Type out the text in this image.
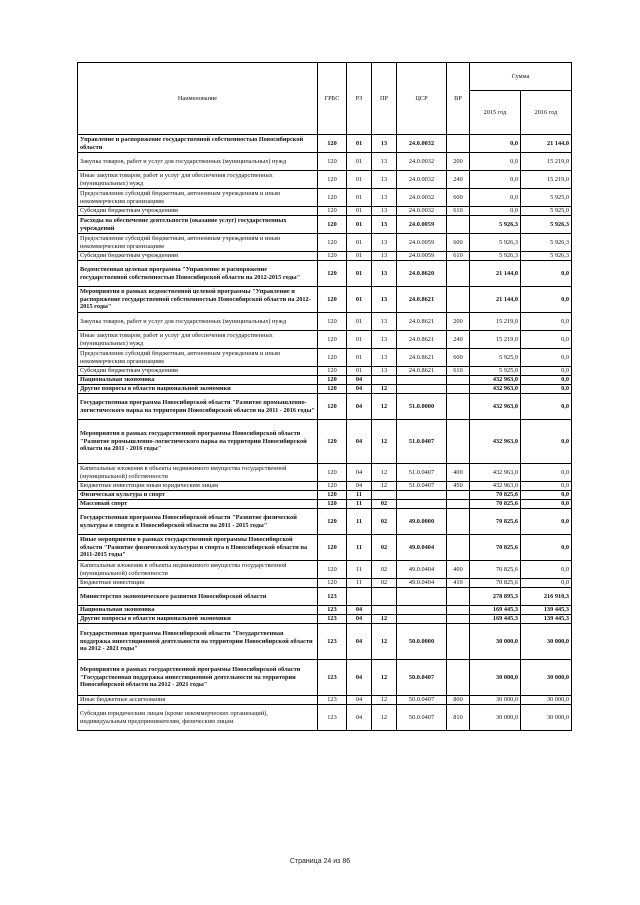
Наименование	ГРБС	РЗ	ПР	ЦСР	ВР	Сумма	
						2015 год	2016 год
Управление и распоряжение государственной собственностью Новосибирской области	120	01	13	24.0.0032		0,0	21 144,0
Закупка товаров, работ и услуг для государственных (муниципальных) нужд	120	01	13	24.0.0032	200	0,0	15 219,0
Иные закупки товаров, работ и услуг для обеспечения государственных (муниципальных) нужд	120	01	13	24.0.0032	240	0,0	15 219,0
Предоставление субсидий бюджетным, автономным учреждениям и иным некоммерческим организациям	120	01	13	24.0.0032	600	0,0	5 925,0
Субсидии бюджетным учреждениям	120	01	13	24.0.0032	610	0,0	5 925,0
Расходы на обеспечение деятельности (оказание услуг) государственных учреждений	120	01	13	24.0.0059		5 926,3	5 926,3
Предоставление субсидий бюджетным, автономным учреждениям и иным некоммерческим организациям	120	01	13	24.0.0059	600	5 926,3	5 926,3
Субсидии бюджетным учреждениям	120	01	13	24.0.0059	610	5 926,3	5 926,3
Ведомственная целевая программа "Управление и распоряжение государственной собственностью Новосибирской области на 2012-2015 годы"	120	01	13	24.0.8620		21 144,0	0,0
Мероприятия в рамках ведомственной целевой программы "Управление и распоряжение государственной собственностью Новосибирской области на 2012-2015 годы"	120	01	13	24.0.8621		21 144,0	0,0
Закупка товаров, работ и услуг для государственных (муниципальных) нужд	120	01	13	24.0.8621	200	15 219,0	0,0
Иные закупки товаров, работ и услуг для обеспечения государственных (муниципальных) нужд	120	01	13	24.0.8621	240	15 219,0	0,0
Предоставление субсидий бюджетным, автономным учреждениям и иным некоммерческим организациям	120	01	13	24.0.8621	600	5 925,0	0,0
Субсидии бюджетным учреждениям	120	01	13	24.0.8621	610	5 925,0	0,0
Национальная экономика	120	04				432 963,0	0,0
Другие вопросы в области национальной экономики	120	04	12			432 963,0	0,0
Государственная программа Новосибирской области "Развитие промышленно-логистического парка на территории Новосибирской области на 2011 - 2016 годы"	120	04	12	51.0.0000		432 963,0	0,0
Мероприятия в рамках государственной программы Новосибирской области "Развитие промышленно-логистического парка на территории Новосибирской области на 2011 - 2016 годы"	120	04	12	51.0.0407		432 963,0	0,0
Капитальные вложения в объекты недвижимого имущества государственной (муниципальной) собственности	120	04	12	51.0.0407	400	432 963,0	0,0
Бюджетные инвестиции иным юридическим лицам	120	04	12	51.0.0407	450	432 963,0	0,0
Физическая культура и спорт	120	11				70 825,6	0,0
Массовый спорт	120	11	02			70 825,6	0,0
Государственная программа Новосибирской области "Развитие физической культуры и спорта в Новосибирской области на 2011 - 2015 годы"	120	11	02	49.0.0000		70 825,6	0,0
Иные мероприятия в рамках государственной программы Новосибирской области "Развитие физической культуры и спорта в Новосибирской области на 2011-2015 годы"	120	11	02	49.0.0404		70 825,6	0,0
Капитальные вложения в объекты недвижимого имущества государственной (муниципальной) собственности	120	11	02	49.0.0404	400	70 825,6	0,0
Бюджетные инвестиции	120	11	02	49.0.0404	410	70 825,6	0,0
Министерство экономического развития Новосибирской области	123					278 895,3	216 910,3
Национальная экономика	123	04				169 445,3	139 445,3
Другие вопросы в области национальной экономики	123	04	12			169 445,3	139 445,3
Государственная программа Новосибирской области "Государственная поддержка инвестиционной деятельности на территории Новосибирской области на 2012 - 2021 годы"	123	04	12	50.0.0000		30 000,0	30 000,0
Мероприятия в рамках государственной программы Новосибирской области "Государственная поддержка инвестиционной деятельности на территории Новосибирской области на 2012 - 2021 годы"	123	04	12	50.0.0407		30 000,0	30 000,0
Иные бюджетные ассигнования	123	04	12	50.0.0407	800	30 000,0	30 000,0
Субсидии юридическим лицам (кроме некоммерческих организаций), индивидуальным предпринимателям, физическим лицам	123	04	12	50.0.0407	810	30 000,0	30 000,0
Страница 24 из 86
